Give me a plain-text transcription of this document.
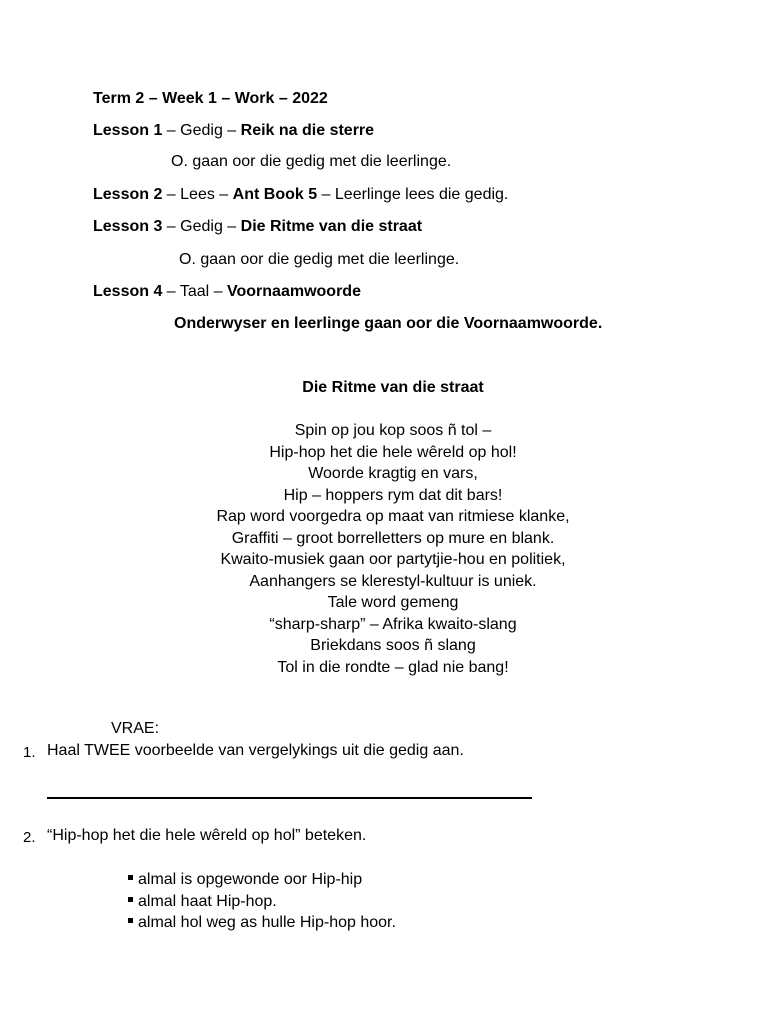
Term 2 – Week 1 – Work – 2022
Lesson 1 – Gedig – Reik na die sterre
O. gaan oor die gedig met die leerlinge.
Lesson 2 – Lees – Ant Book 5 – Leerlinge lees die gedig.
Lesson 3 – Gedig – Die Ritme van die straat
O. gaan oor die gedig met die leerlinge.
Lesson 4 – Taal – Voornaamwoorde
Onderwyser en leerlinge gaan oor die Voornaamwoorde.
Die Ritme van die straat
Spin op jou kop soos ñ tol –
Hip-hop het die hele wêreld op hol!
Woorde kragtig en vars,
Hip – hoppers rym dat dit bars!
Rap word voorgedra op maat van ritmiese klanke,
Graffiti – groot borrelletters op mure en blank.
Kwaito-musiek gaan oor partytjie-hou en politiek,
Aanhangers se klerestyl-kultuur is uniek.
Tale word gemeng
“sharp-sharp” – Afrika kwaito-slang
Briekdans soos ñ slang
Tol in die rondte – glad nie bang!
VRAE:
1. Haal TWEE voorbeelde van vergelykings uit die gedig aan.
2. “Hip-hop het die hele wêreld op hol” beteken.
almal is opgewonde oor Hip-hip
almal haat Hip-hop.
almal hol weg as hulle Hip-hop hoor.
